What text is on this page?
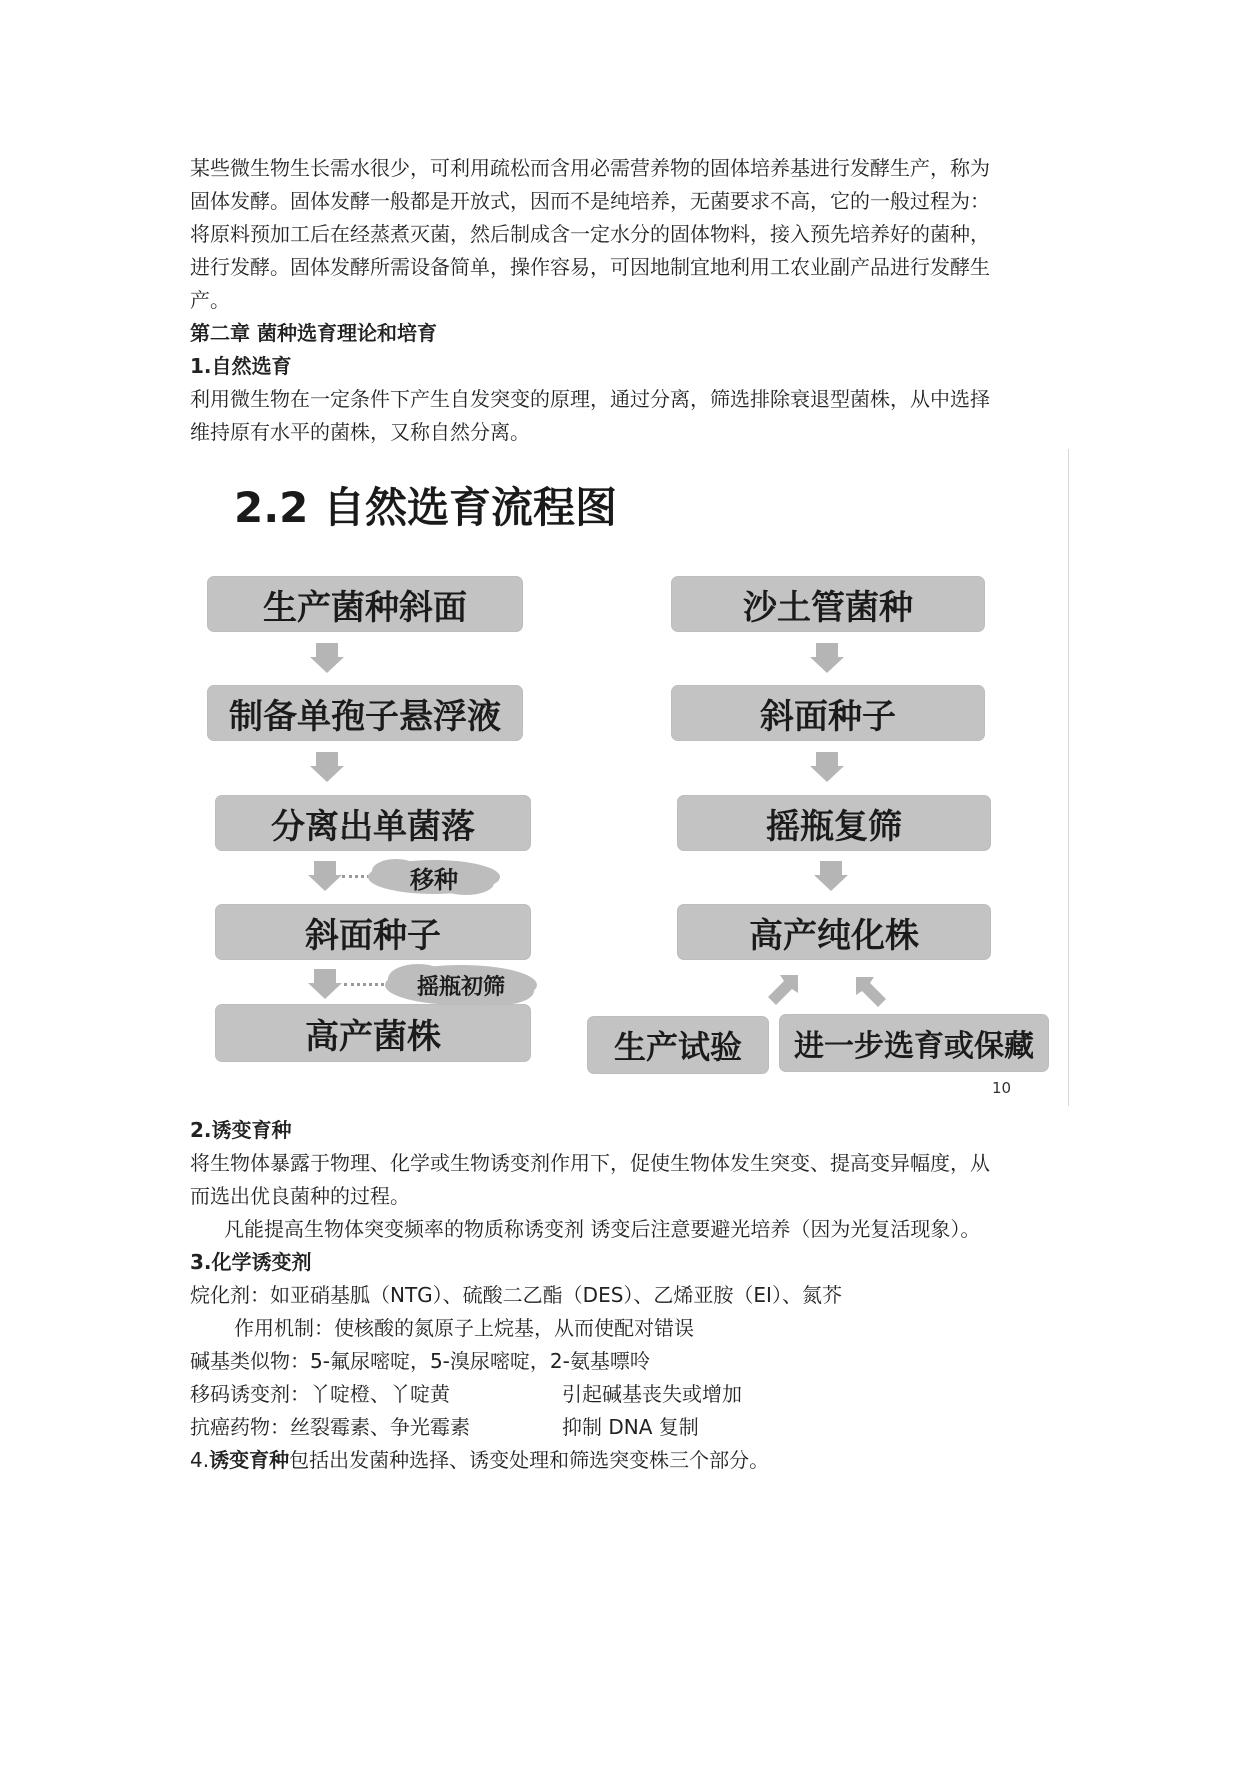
某些微生物生长需水很少，可利用疏松而含用必需营养物的固体培养基进行发酵生产，称为
固体发酵。固体发酵一般都是开放式，因而不是纯培养，无菌要求不高，它的一般过程为：
将原料预加工后在经蒸煮灭菌，然后制成含一定水分的固体物料，接入预先培养好的菌种，
进行发酵。固体发酵所需设备简单，操作容易，可因地制宜地利用工农业副产品进行发酵生
产。
第二章 菌种选育理论和培育
1.自然选育
利用微生物在一定条件下产生自发突变的原理，通过分离，筛选排除衰退型菌株，从中选择
维持原有水平的菌株，又称自然分离。
2.2 自然选育流程图
生产菌种斜面
制备单孢子悬浮液
分离出单菌落
斜面种子
高产菌株
沙土管菌种
斜面种子
摇瓶复筛
高产纯化株
生产试验	进一步选育或保藏
移种
摇瓶初筛
10
2.诱变育种
将生物体暴露于物理、化学或生物诱变剂作用下，促使生物体发生突变、提高变异幅度，从
而选出优良菌种的过程。
凡能提高生物体突变频率的物质称诱变剂 诱变后注意要避光培养（因为光复活现象）。
3.化学诱变剂
烷化剂：如亚硝基胍（NTG）、硫酸二乙酯（DES）、乙烯亚胺（EI）、氮芥
作用机制：使核酸的氮原子上烷基，从而使配对错误
碱基类似物：5-氟尿嘧啶，5-溴尿嘧啶，2-氨基嘌呤
移码诱变剂：丫啶橙、丫啶黄	引起碱基丧失或增加
抗癌药物：丝裂霉素、争光霉素	抑制 DNA 复制
4.诱变育种包括出发菌种选择、诱变处理和筛选突变株三个部分。
